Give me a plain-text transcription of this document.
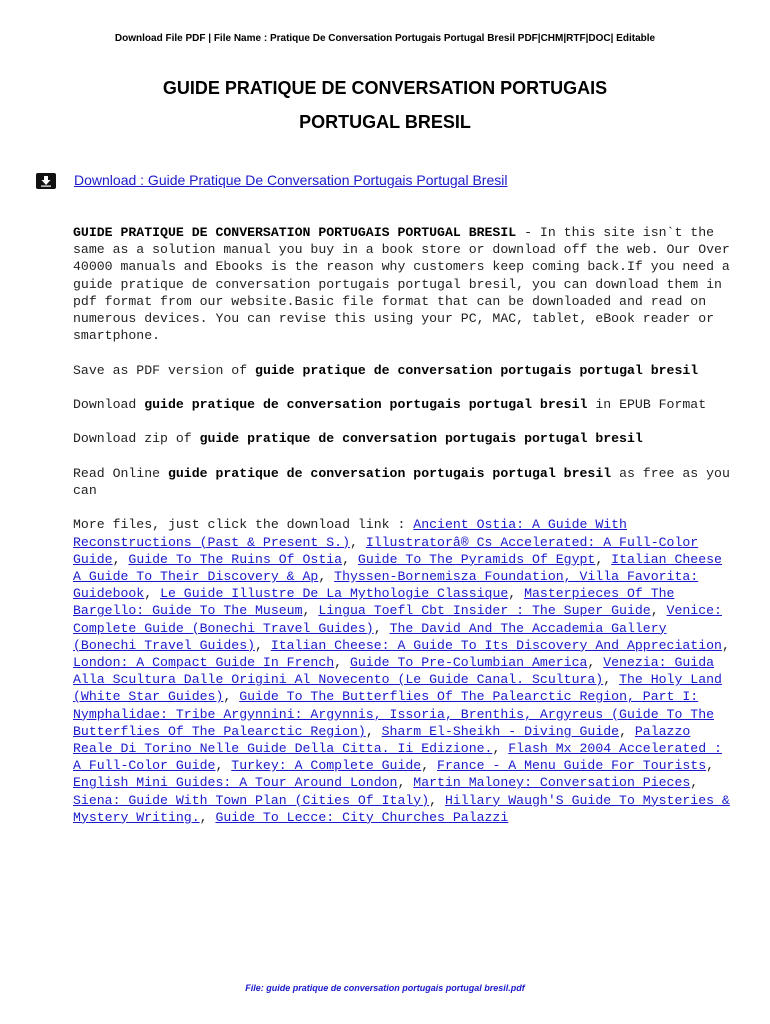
Download File PDF | File Name : Pratique De Conversation Portugais Portugal Bresil PDF|CHM|RTF|DOC| Editable
GUIDE PRATIQUE DE CONVERSATION PORTUGAIS
PORTUGAL BRESIL
Download : Guide Pratique De Conversation Portugais Portugal Bresil

GUIDE PRATIQUE DE CONVERSATION PORTUGAIS PORTUGAL BRESIL - In this site isn`t the same as a solution manual you buy in a book store or download off the web. Our Over 40000 manuals and Ebooks is the reason why customers keep coming back.If you need a guide pratique de conversation portugais portugal bresil, you can download them in pdf format from our website.Basic file format that can be downloaded and read on numerous devices. You can revise this using your PC, MAC, tablet, eBook reader or smartphone.

Save as PDF version of guide pratique de conversation portugais portugal bresil

Download guide pratique de conversation portugais portugal bresil in EPUB Format

Download zip of guide pratique de conversation portugais portugal bresil

Read Online guide pratique de conversation portugais portugal bresil as free as you can

More files, just click the download link : Ancient Ostia: A Guide With Reconstructions (Past & Present S.), Illustratorâ® Cs Accelerated: A Full-Color Guide, Guide To The Ruins Of Ostia, Guide To The Pyramids Of Egypt, Italian Cheese A Guide To Their Discovery & Ap, Thyssen-Bornemisza Foundation, Villa Favorita: Guidebook, Le Guide Illustre De La Mythologie Classique, Masterpieces Of The Bargello: Guide To The Museum, Lingua Toefl Cbt Insider : The Super Guide, Venice: Complete Guide (Bonechi Travel Guides), The David And The Accademia Gallery (Bonechi Travel Guides), Italian Cheese: A Guide To Its Discovery And Appreciation, London: A Compact Guide In French, Guide To Pre-Columbian America, Venezia: Guida Alla Scultura Dalle Origini Al Novecento (Le Guide Canal. Scultura), The Holy Land (White Star Guides), Guide To The Butterflies Of The Palearctic Region, Part I: Nymphalidae: Tribe Argynnini: Argynnis, Issoria, Brenthis, Argyreus (Guide To The Butterflies Of The Palearctic Region), Sharm El-Sheikh - Diving Guide, Palazzo Reale Di Torino Nelle Guide Della Citta. Ii Edizione., Flash Mx 2004 Accelerated : A Full-Color Guide, Turkey: A Complete Guide, France - A Menu Guide For Tourists, English Mini Guides: A Tour Around London, Martin Maloney: Conversation Pieces, Siena: Guide With Town Plan (Cities Of Italy), Hillary Waugh'S Guide To Mysteries & Mystery Writing., Guide To Lecce: City Churches Palazzi

File: guide pratique de conversation portugais portugal bresil.pdf
